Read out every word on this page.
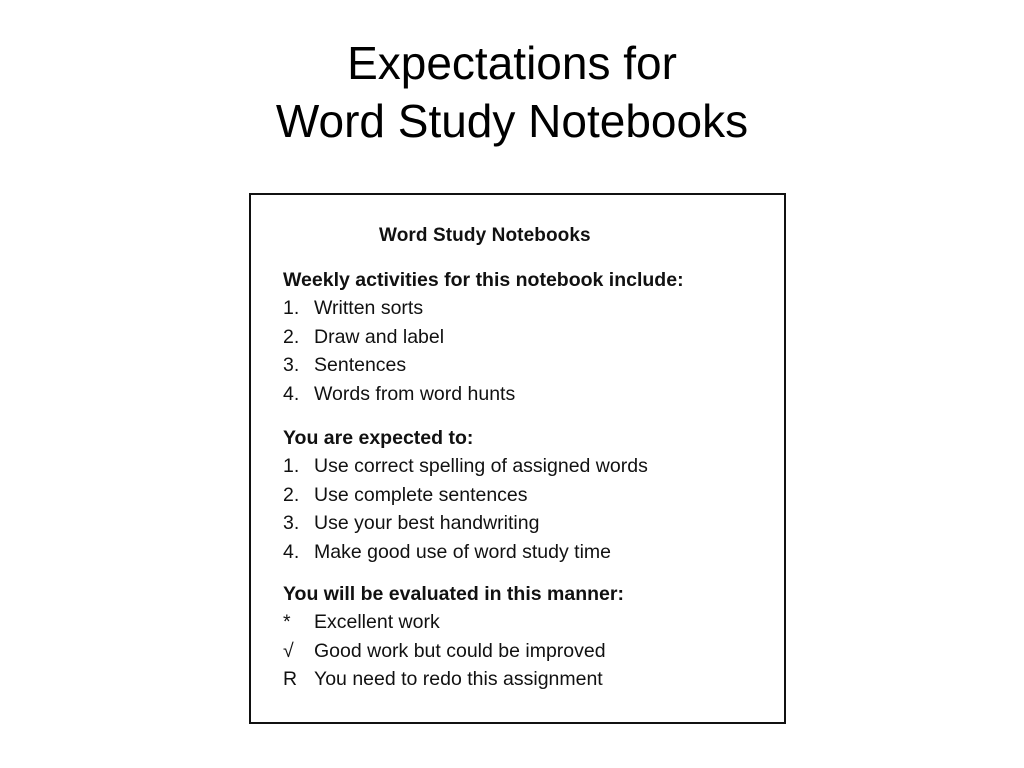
Expectations for
Word Study Notebooks
Word Study Notebooks
Weekly activities for this notebook include:
1. Written sorts
2. Draw and label
3. Sentences
4. Words from word hunts
You are expected to:
1. Use correct spelling of assigned words
2. Use complete sentences
3. Use your best handwriting
4. Make good use of word study time
You will be evaluated in this manner:
*	Excellent work
√	Good work but could be improved
R You need to redo this assignment
